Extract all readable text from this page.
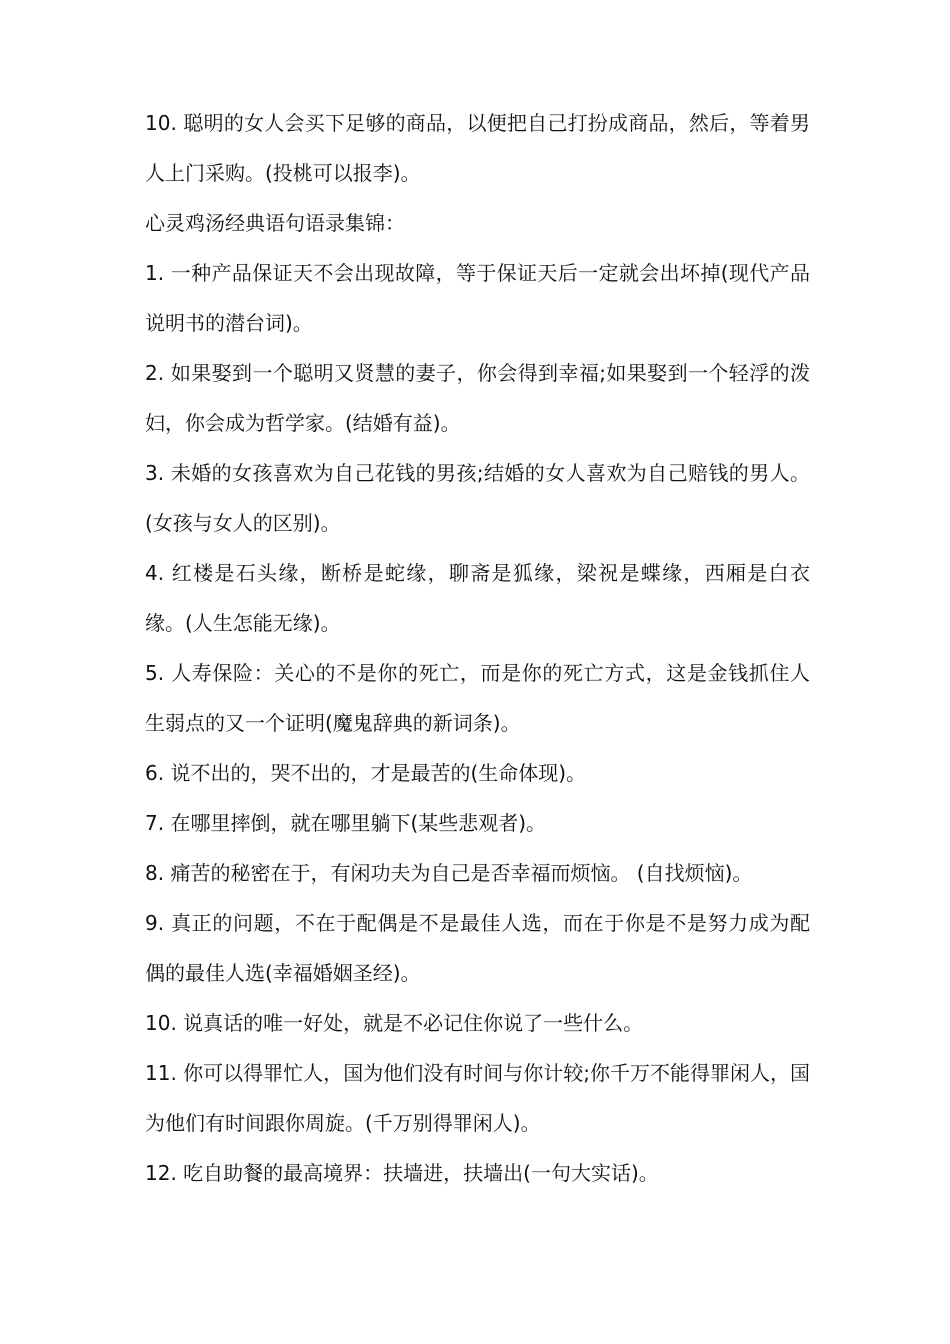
10. 聪明的女人会买下足够的商品，以便把自己打扮成商品，然后，等着男人上门采购。(投桃可以报李)。

心灵鸡汤经典语句语录集锦：

1. 一种产品保证天不会出现故障，等于保证天后一定就会出坏掉(现代产品说明书的潜台词)。

2. 如果娶到一个聪明又贤慧的妻子，你会得到幸福;如果娶到一个轻浮的泼妇，你会成为哲学家。(结婚有益)。

3. 未婚的女孩喜欢为自己花钱的男孩;结婚的女人喜欢为自己赔钱的男人。(女孩与女人的区别)。

4. 红楼是石头缘，断桥是蛇缘，聊斋是狐缘，梁祝是蝶缘，西厢是白衣缘。(人生怎能无缘)。

5. 人寿保险：关心的不是你的死亡，而是你的死亡方式，这是金钱抓住人生弱点的又一个证明(魔鬼辞典的新词条)。

6. 说不出的，哭不出的，才是最苦的(生命体现)。

7. 在哪里摔倒，就在哪里躺下(某些悲观者)。

8. 痛苦的秘密在于，有闲功夫为自己是否幸福而烦恼。 (自找烦恼)。

9. 真正的问题，不在于配偶是不是最佳人选，而在于你是不是努力成为配偶的最佳人选(幸福婚姻圣经)。

10. 说真话的唯一好处，就是不必记住你说了一些什么。

11. 你可以得罪忙人，国为他们没有时间与你计较;你千万不能得罪闲人，国为他们有时间跟你周旋。(千万别得罪闲人)。

12. 吃自助餐的最高境界：扶墙进，扶墙出(一句大实话)。
